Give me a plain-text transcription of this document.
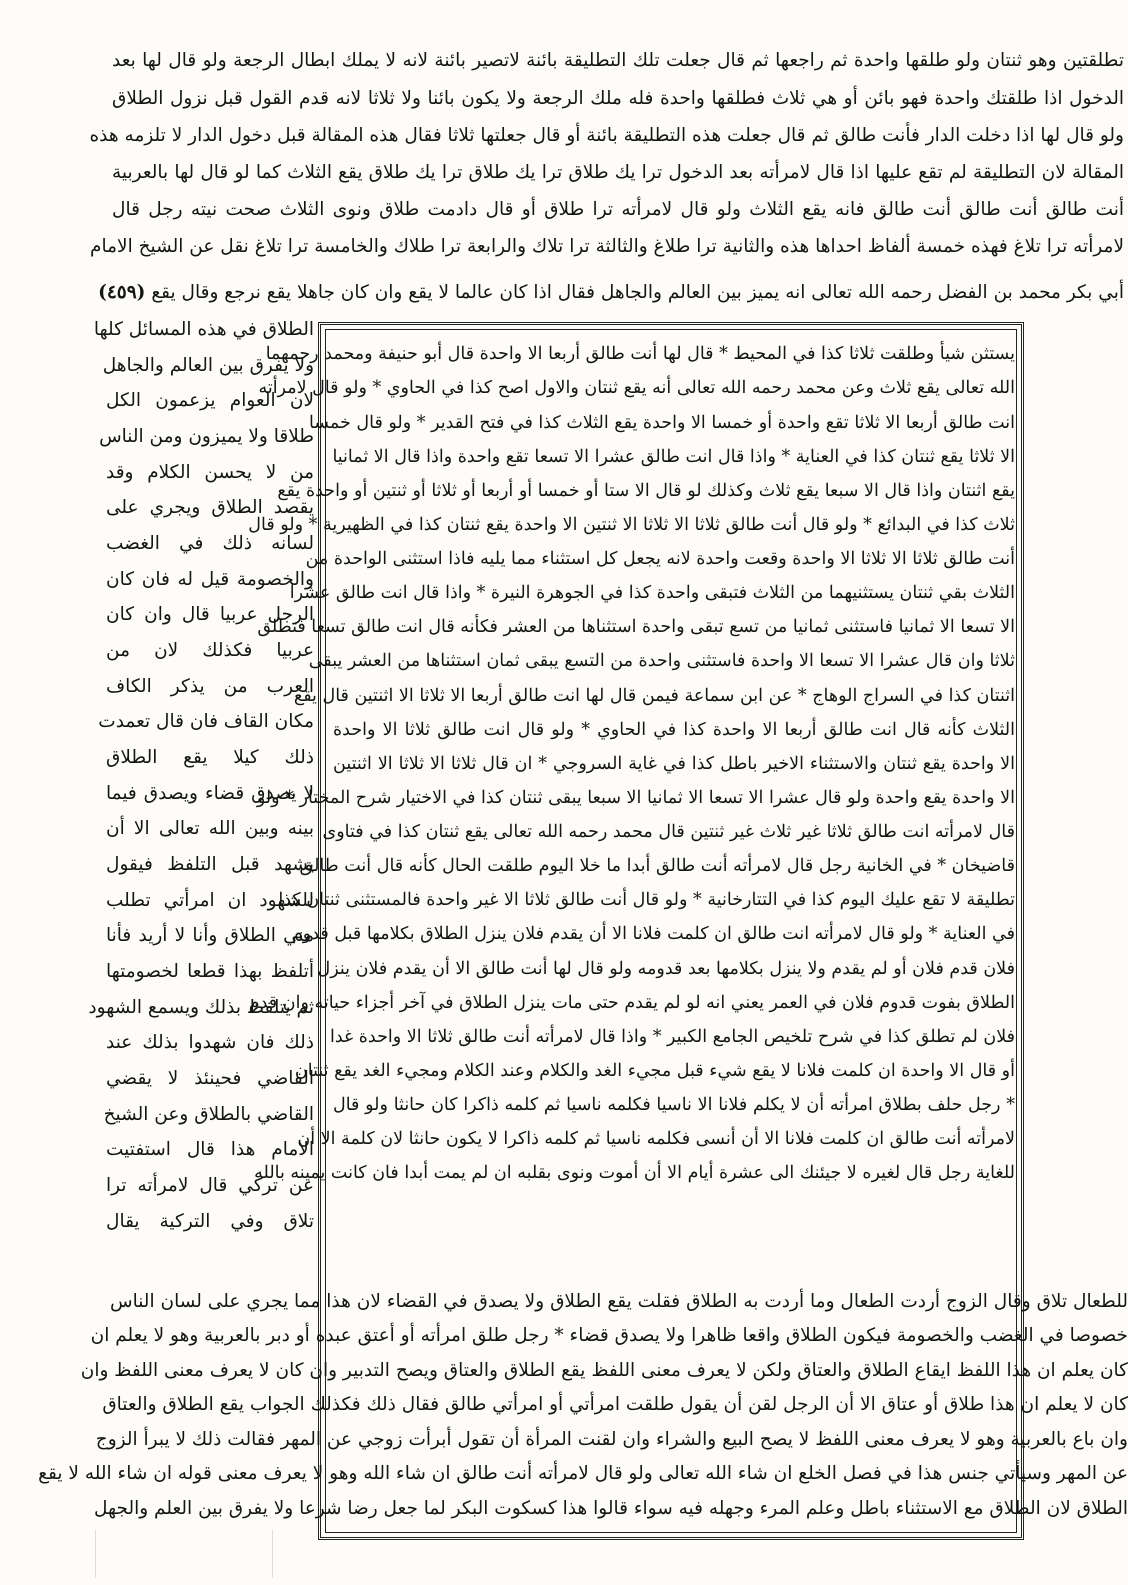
تطلقتين وهو ثنتان ولو طلقها واحدة ثم راجعها ثم قال جعلت تلك التطليقة بائنة لاتصير بائنة لانه لا يملك ابطال الرجعة ولو قال لها بعد
الدخول اذا طلقتك واحدة فهو بائن أو هي ثلاث فطلقها واحدة فله ملك الرجعة ولا يكون بائنا ولا ثلاثا لانه قدم القول قبل نزول الطلاق
ولو قال لها اذا دخلت الدار فأنت طالق ثم قال جعلت هذه التطليقة بائنة أو قال جعلتها ثلاثا فقال هذه المقالة قبل دخول الدار لا تلزمه هذه
المقالة لان التطليقة لم تقع عليها اذا قال لامرأته بعد الدخول ترا يك طلاق ترا يك طلاق ترا يك طلاق يقع الثلاث كما لو قال لها بالعربية
أنت طالق أنت طالق أنت طالق فانه يقع الثلاث ولو قال لامرأته ترا طلاق أو قال دادمت طلاق ونوى الثلاث صحت نيته رجل قال
لامرأته ترا تلاغ فهذه خمسة ألفاظ احداها هذه والثانية ترا طلاغ والثالثة ترا تلاك والرابعة ترا طلاك والخامسة ترا تلاغ نقل عن الشيخ الامام
أبي بكر محمد بن الفضل رحمه الله تعالى انه يميز بين العالم والجاهل فقال اذا كان عالما لا يقع وان كان جاهلا يقع نرجع وقال يقع (٤٥٩)
يستثن شيأ وطلقت ثلاثا كذا في المحيط * قال لها أنت طالق أربعا الا واحدة قال أبو حنيفة ومحمد رحمهما
الله تعالى يقع ثلاث وعن محمد رحمه الله تعالى أنه يقع ثنتان والاول اصح كذا في الحاوي * ولو قال لامرأته
انت طالق أربعا الا ثلاثا تقع واحدة أو خمسا الا واحدة يقع الثلاث كذا في فتح القدير * ولو قال خمسا
الا ثلاثا يقع ثنتان كذا في العناية * واذا قال انت طالق عشرا الا تسعا تقع واحدة واذا قال الا ثمانيا
يقع اثنتان واذا قال الا سبعا يقع ثلاث وكذلك لو قال الا ستا أو خمسا أو أربعا أو ثلاثا أو ثنتين أو واحدة يقع
ثلاث كذا في البدائع * ولو قال أنت طالق ثلاثا الا ثلاثا الا ثنتين الا واحدة يقع ثنتان كذا في الظهيرية * ولو قال
أنت طالق ثلاثا الا ثلاثا الا واحدة وقعت واحدة لانه يجعل كل استثناء مما يليه فاذا استثنى الواحدة من
الثلاث بقي ثنتان يستثنيهما من الثلاث فتبقى واحدة كذا في الجوهرة النيرة * واذا قال انت طالق عشرا
الا تسعا الا ثمانيا فاستثنى ثمانيا من تسع تبقى واحدة استثناها من العشر فكأنه قال انت طالق تسعا فتطلق
ثلاثا وان قال عشرا الا تسعا الا واحدة فاستثنى واحدة من التسع يبقى ثمان استثناها من العشر يبقى
اثنتان كذا في السراج الوهاج * عن ابن سماعة فيمن قال لها انت طالق أربعا الا ثلاثا الا اثنتين قال يقع
الثلاث كأنه قال انت طالق أربعا الا واحدة كذا في الحاوي * ولو قال انت طالق ثلاثا الا واحدة
الا واحدة يقع ثنتان والاستثناء الاخير باطل كذا في غاية السروجي * ان قال ثلاثا الا ثلاثا الا اثنتين
الا واحدة يقع واحدة ولو قال عشرا الا تسعا الا ثمانيا الا سبعا يبقى ثنتان كذا في الاختيار شرح المختار * ولو
قال لامرأته انت طالق ثلاثا غير ثلاث غير ثنتين قال محمد رحمه الله تعالى يقع ثنتان كذا في فتاوى
قاضيخان * في الخانية رجل قال لامرأته أنت طالق أبدا ما خلا اليوم طلقت الحال كأنه قال أنت طالق
تطليقة لا تقع عليك اليوم كذا في التتارخانية * ولو قال أنت طالق ثلاثا الا غير واحدة فالمستثنى ثنتان كذا
في العناية * ولو قال لامرأته انت طالق ان كلمت فلانا الا أن يقدم فلان ينزل الطلاق بكلامها قبل قدوم
فلان قدم فلان أو لم يقدم ولا ينزل بكلامها بعد قدومه ولو قال لها أنت طالق الا أن يقدم فلان ينزل
الطلاق بفوت قدوم فلان في العمر يعني انه لو لم يقدم حتى مات ينزل الطلاق في آخر أجزاء حياته وان قدم
فلان لم تطلق كذا في شرح تلخيص الجامع الكبير * واذا قال لامرأته أنت طالق ثلاثا الا واحدة غدا
أو قال الا واحدة ان كلمت فلانا لا يقع شيء قبل مجيء الغد والكلام وعند الكلام ومجيء الغد يقع ثنتان
* رجل حلف بطلاق امرأته أن لا يكلم فلانا الا ناسيا فكلمه ناسيا ثم كلمه ذاكرا كان حانثا ولو قال
لامرأته أنت طالق ان كلمت فلانا الا أن أنسى فكلمه ناسيا ثم كلمه ذاكرا لا يكون حانثا لان كلمة الا أن
للغاية رجل قال لغيره لا جيئنك الى عشرة أيام الا أن أموت ونوى بقلبه ان لم يمت أبدا فان كانت يمينه بالله
الطلاق في هذه المسائل كلها
ولا يفرق بين العالم والجاهل
لان العوام يزعمون الكل
طلاقا ولا يميزون ومن الناس
من لا يحسن الكلام وقد
يقصد الطلاق ويجري على
لسانه ذلك في الغضب
والخصومة قيل له فان كان
الرجل عربيا قال وان كان
عربيا فكذلك لان من
العرب من يذكر الكاف
مكان القاف فان قال تعمدت
ذلك كيلا يقع الطلاق
لا يصدق قضاء ويصدق فيما
بينه وبين الله تعالى الا أن
يشهد قبل التلفظ فيقول
للشهود ان امرأتي تطلب
مني الطلاق وأنا لا أريد فأنا
أتلفظ بهذا قطعا لخصومتها
ثم يتلفظ بذلك ويسمع الشهود
ذلك فان شهدوا بذلك عند
القاضي فحينئذ لا يقضي
القاضي بالطلاق وعن الشيخ
الامام هذا قال استفتيت
عن تركي قال لامرأته ترا
تلاق وفي التركية يقال
للطعال تلاق وقال الزوج أردت الطعال وما أردت به الطلاق فقلت يقع الطلاق ولا يصدق في القضاء لان هذا مما يجري على لسان الناس
خصوصا في الغضب والخصومة فيكون الطلاق واقعا ظاهرا ولا يصدق قضاء * رجل طلق امرأته أو أعتق عبده أو دبر بالعربية وهو لا يعلم ان
كان يعلم ان هذا اللفظ ايقاع الطلاق والعتاق ولكن لا يعرف معنى اللفظ يقع الطلاق والعتاق ويصح التدبير وان كان لا يعرف معنى اللفظ وان
كان لا يعلم ان هذا طلاق أو عتاق الا أن الرجل لقن أن يقول طلقت امرأتي أو امرأتي طالق فقال ذلك فكذلك الجواب يقع الطلاق والعتاق
وان باع بالعربية وهو لا يعرف معنى اللفظ لا يصح البيع والشراء وان لقنت المرأة أن تقول أبرأت زوجي عن المهر فقالت ذلك لا يبرأ الزوج
عن المهر وسيأتي جنس هذا في فصل الخلع ان شاء الله تعالى ولو قال لامرأته أنت طالق ان شاء الله وهو لا يعرف معنى قوله ان شاء الله لا يقع
الطلاق لان الطلاق مع الاستثناء باطل وعلم المرء وجهله فيه سواء قالوا هذا كسكوت البكر لما جعل رضا شرعا ولا يفرق بين العلم والجهل
